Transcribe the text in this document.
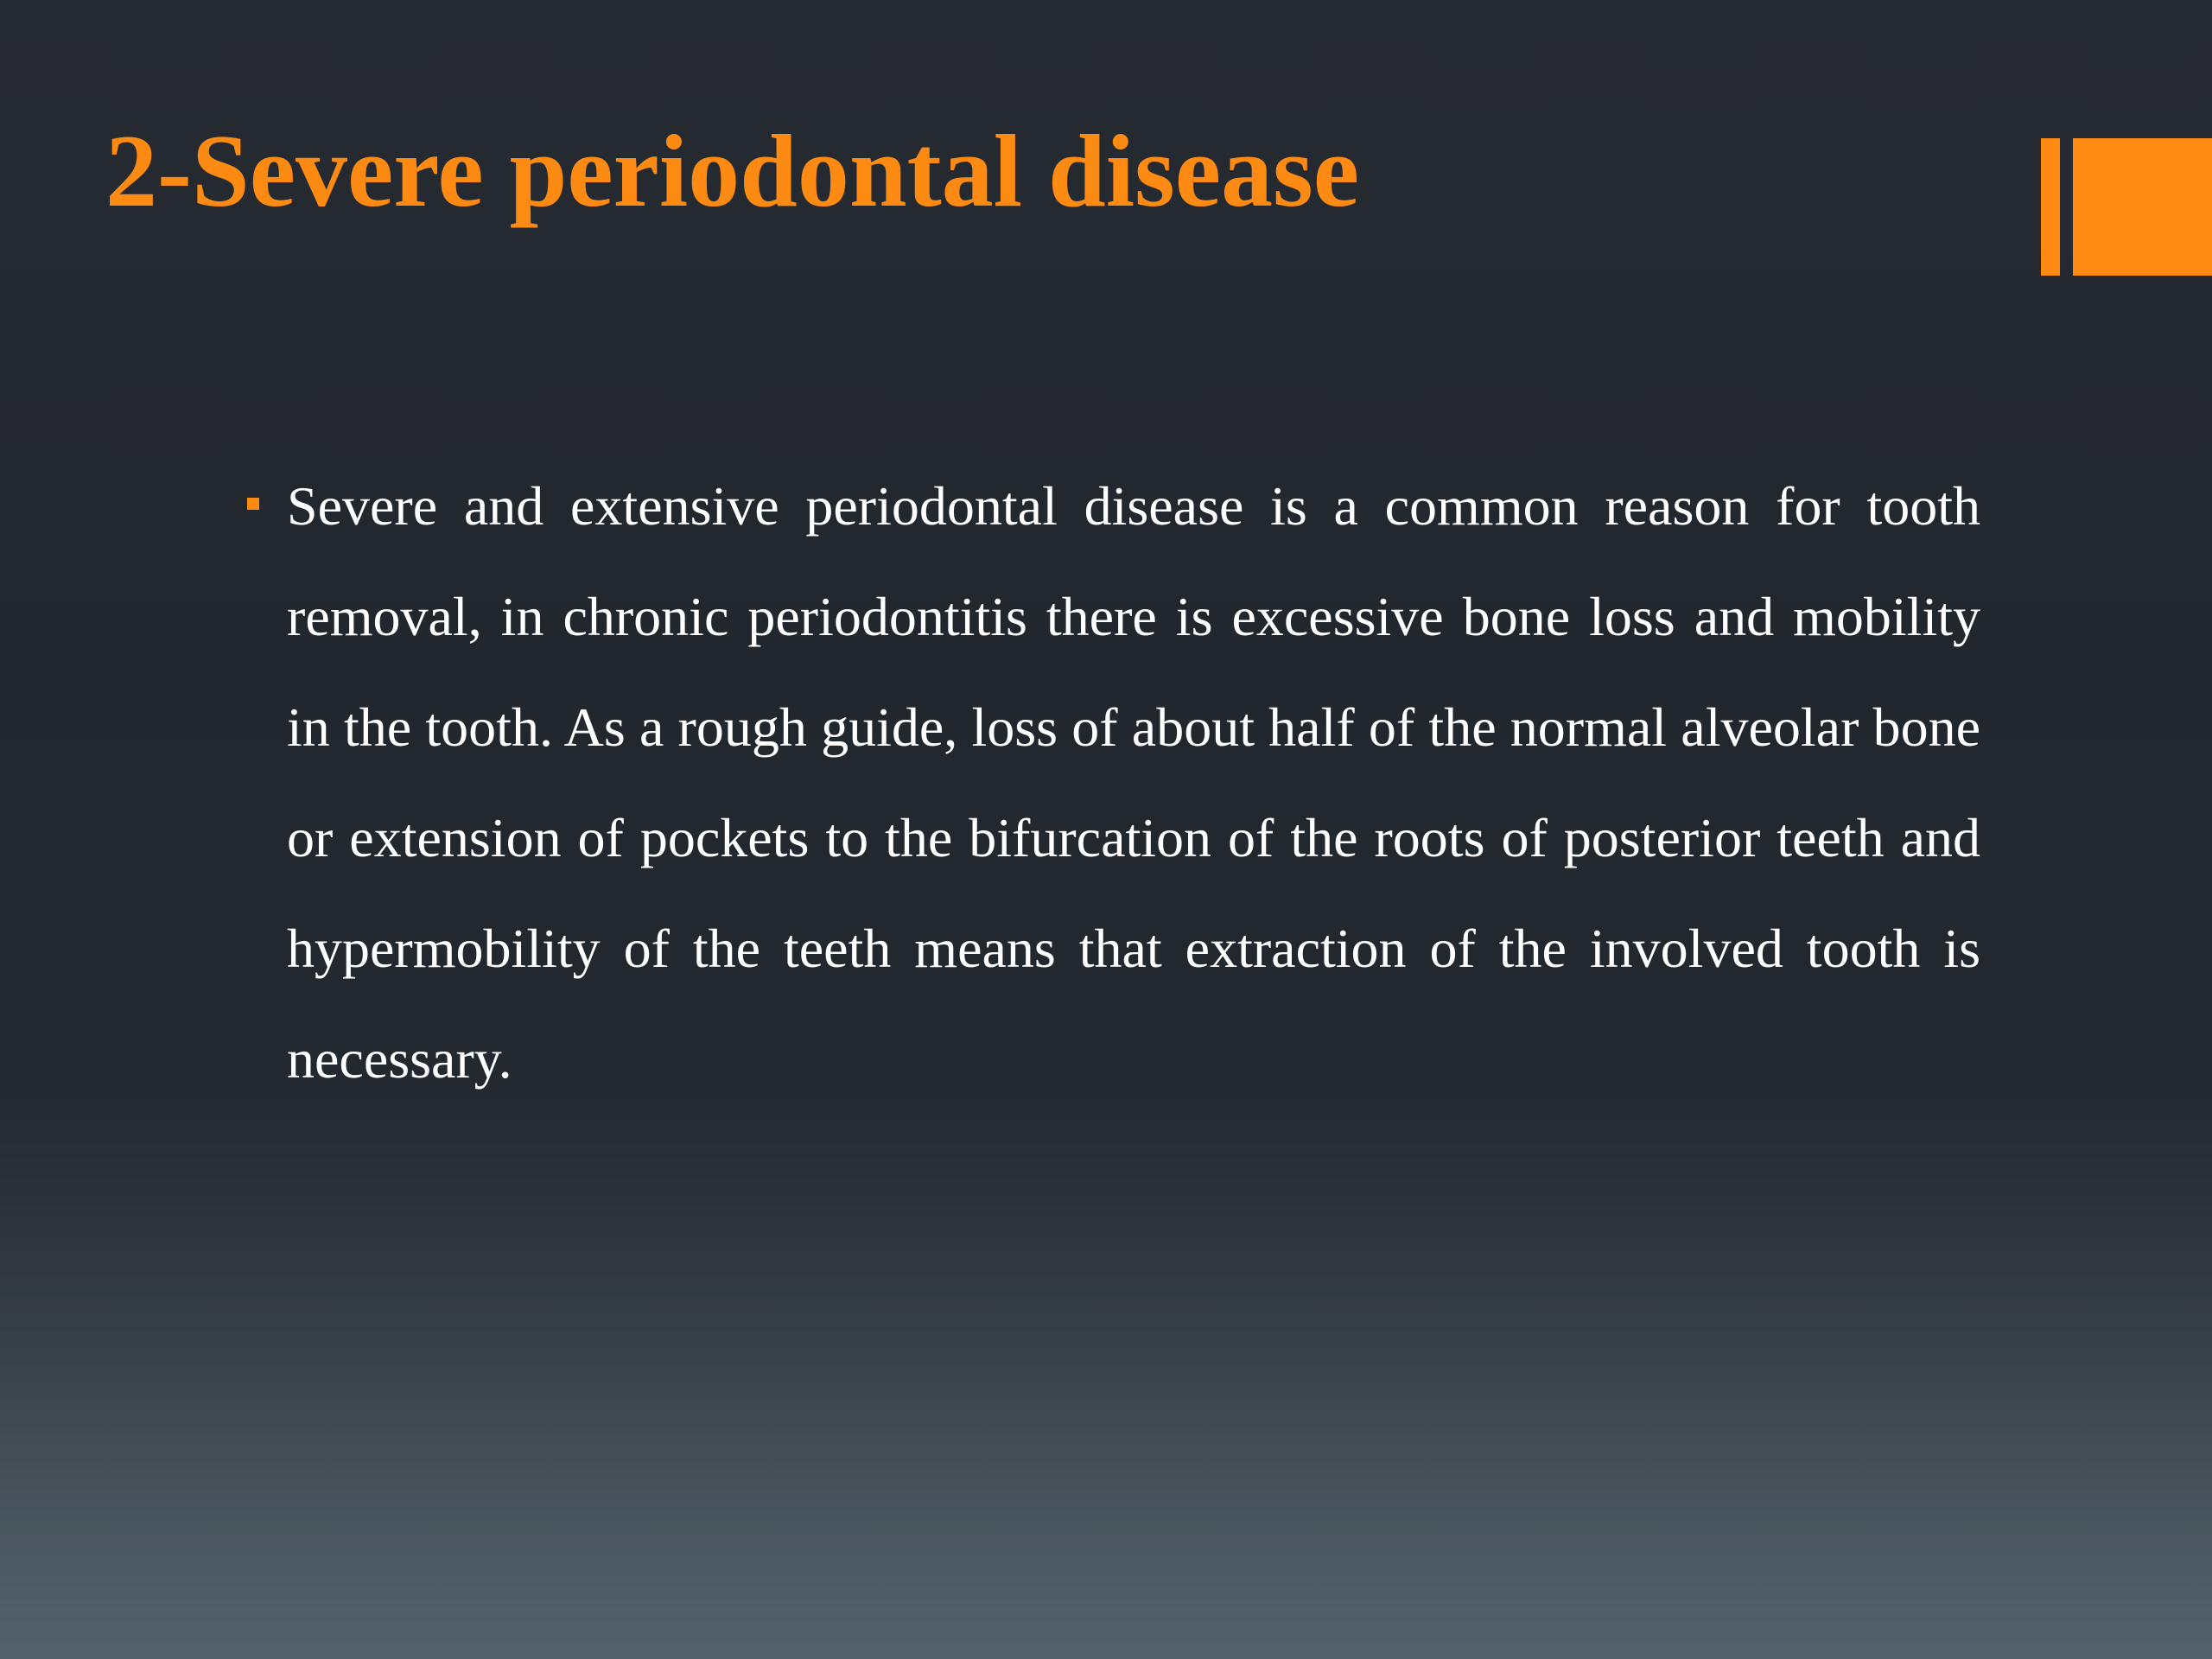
2-Severe periodontal disease

Severe and extensive periodontal disease is a common reason for tooth removal, in chronic periodontitis there is excessive bone loss and mobility in the tooth. As a rough guide, loss of about half of the normal alveolar bone or extension of pockets to the bifurcation of the roots of posterior teeth and hypermobility of the teeth means that extraction of the involved tooth is necessary.
